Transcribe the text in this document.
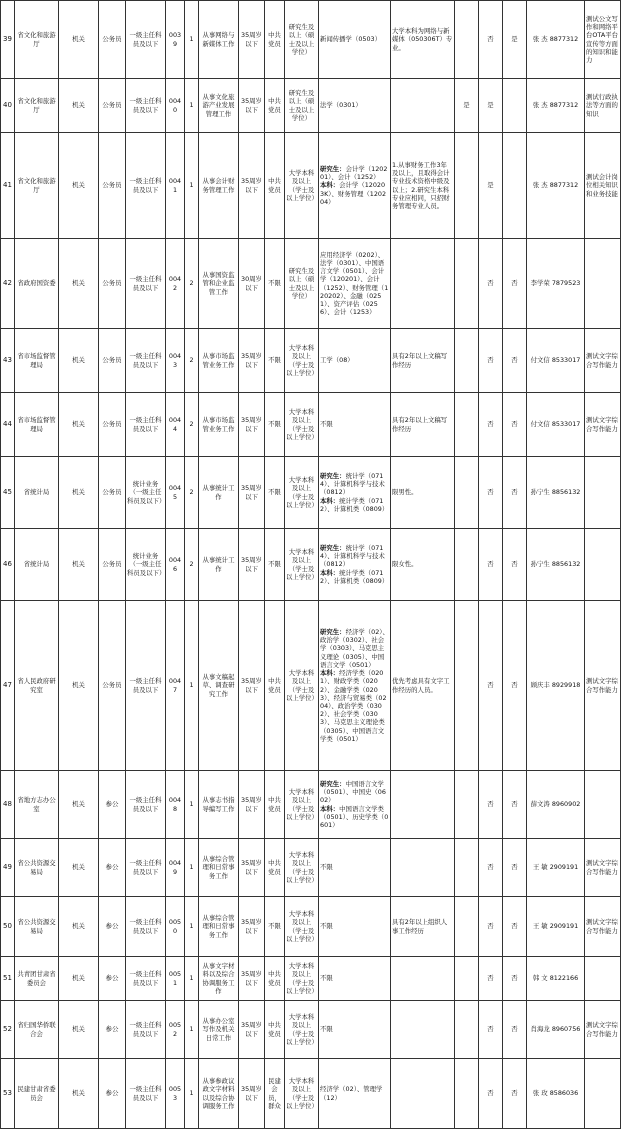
39	省文化和旅游厅	机关	公务员	一级主任科员及以下	0039	1	从事网络与新媒体工作	35周岁以下	中共党员	研究生及以上（硕士及以上学位）	新闻传播学（0503）	大学本科为网络与新媒体（050306T）专业。		否	是	张 杰 8877312	测试公文写作和网络平台OTA平台宣传等方面的知识和能力
40	省文化和旅游厅	机关	公务员	一级主任科员及以下	0040	1	从事文化旅游产业发展管理工作	35周岁以下	中共党员	研究生及以上（硕士及以上学位）	法学（0301）		是	是		张 杰 8877312	测试行政执法等方面的知识
41	省文化和旅游厅	机关	公务员	一级主任科员及以下	0041	1	从事会计财务管理工作	35周岁以下	中共党员	大学本科及以上（学士及以上学位）	研究生：会计学（120201）、会计（1252）
本科：会计学（120203K）、财务管理（120204）	1.从事财务工作3年及以上，且取得会计专业技术资格中级及以上；2.研究生本科专业应相同，只招财务管理专业人员。		是		张 杰 8877312	测试会计岗位相关知识和业务技能
42	省政府国资委	机关	公务员	一级主任科员及以下	0042	2	从事国资监管和企业监管工作	30周岁以下	不限	研究生及以上（硕士及以上学位）	应用经济学（0202）、法学（0301）、中国语言文学（0501）、会计学（120201）、会计（1252）、财务管理（120202）、金融（0251）、资产评估（0256）、会计（1253）			否	否	李学荣 7879523	
43	省市场监督管理局	机关	公务员	一级主任科员及以下	0043	2	从事市场监管业务工作	35周岁以下	不限	大学本科及以上（学士及以上学位）	工学（08）	具有2年以上文稿写作经历		否	否	付文信 8533017	测试文字综合写作能力
44	省市场监督管理局	机关	公务员	一级主任科员及以下	0044	2	从事市场监管业务工作	35周岁以下	不限	大学本科及以上（学士及以上学位）	不限	具有2年以上文稿写作经历		否	否	付文信 8533017	测试文字综合写作能力
45	省统计局	机关	公务员	统计业务（一级主任科员及以下）	0045	2	从事统计工作	35周岁以下	不限	大学本科及以上（学士及以上学位）	研究生：统计学（0714）、计算机科学与技术（0812）
本科：统计学类（0712）、计算机类（0809）	限男性。		否	否	孙宁生 8856132	
46	省统计局	机关	公务员	统计业务（一级主任科员及以下）	0046	2	从事统计工作	35周岁以下	不限	大学本科及以上（学士及以上学位）	研究生：统计学（0714）、计算机科学与技术（0812）
本科：统计学类（0712）、计算机类（0809）	限女性。		否	否	孙宁生 8856132	
47	省人民政府研究室	机关	公务员	一级主任科员及以下	0047	1	从事文稿起草、调查研究工作	35周岁以下	中共党员	大学本科及以上（学士及以上学位）	研究生：经济学（02）、政治学（0302）、社会学（0303）、马克思主义理论（0305）、中国语言文学（0501）
本科：经济学类（0201）、财政学类（0202）、金融学类（0203）、经济与贸易类（0204）、政治学类（0302）、社会学类（0303）、马克思主义理论类（0305）、中国语言文学类（0501）	优先考虑具有文字工作经历的人员。		否	否	顾庆丰 8929918	测试文字综合写作能力
48	省地方志办公室	机关	参公	一级主任科员及以下	0048	1	从事志书指导编写工作	35周岁以下	中共党员	大学本科及以上（学士及以上学位）	研究生：中国语言文学（0501）、中国史（0602）
本科：中国语言文学类（0501）、历史学类（0601）			否	否	薛文涛 8960902	
49	省公共资源交易局	机关	参公	一级主任科员及以下	0049	1	从事综合管理和日常事务工作	35周岁以下	中共党员	大学本科及以上（学士及以上学位）	不限			否	否	王 敏 2909191	测试文字综合写作能力
50	省公共资源交易局	机关	参公	一级主任科员及以下	0050	1	从事综合管理和日常事务工作	35周岁以下	不限	大学本科及以上（学士及以上学位）	不限	具有2年以上组织人事工作经历		否	否	王 敏 2909191	测试文字综合写作能力
51	共青团甘肃省委员会	机关	参公	一级主任科员及以下	0051	1	从事文字材料以及综合协调服务工作	35周岁以下	中共党员	大学本科及以上（学士及以上学位）	不限			否	否	韩 文 8122166	
52	省归国华侨联合会	机关	参公	一级主任科员及以下	0052	1	从事办公室写作及机关日常工作	35周岁以下	中共党员	大学本科及以上（学士及以上学位）	不限			否	否	肖海龙 8960756	测试文字综合写作能力
53	民建甘肃省委员会	机关	参公	一级主任科员及以下	0053	1	从事参政议政文字材料以及综合协调服务工作	35周岁以下	民建会员，群众	大学本科及以上（学士及以上学位）	经济学（02）、管理学（12）			否	否	张 玫 8586036	
